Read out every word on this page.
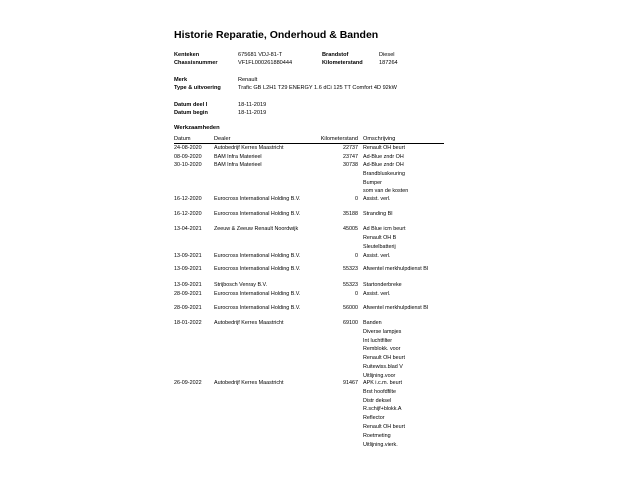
Historie Reparatie, Onderhoud & Banden
Kenteken	675681 VDJ-81-T	Brandstof	Diesel
Chassisnummer	VF1FL000261880444	Kilometerstand	187264
Merk	Renault
Type & uitvoering	Trafic GB L2H1 T29 ENERGY 1.6 dCi 125 TT Comfort 4D 92kW
Datum deel I	18-11-2019
Datum begin	18-11-2019
Werkzaamheden
Datum	Dealer	Kilometerstand Omschrijving
24-08-2020 Autobedrijf Kerres Maastricht	22737 Renault OH beurt
08-09-2020 BAM Infra Materieel	23747 Ad-Blue zndr OH
30-10-2020 BAM Infra Materieel	30738 Ad-Blue zndr OH
Brandbluskeuring
Bumper
som van de kosten
16-12-2020 Eurocross International Holding B.V.	0 Assist. verl.
16-12-2020 Eurocross International Holding B.V.	35188 Stranding BI
13-04-2021 Zeeuw & Zeeuw Renault Noordwijk	45005 Ad Blue icm beurt
Renault OH B
Sleutelbatterij
13-09-2021 Eurocross International Holding B.V.	0 Assist. verl.
13-09-2021 Eurocross International Holding B.V.	55323 Afwentel merkhulpdienst BI
13-09-2021 Strijbosch Venray B.V.	55323 Startonderbreke
28-09-2021 Eurocross International Holding B.V.	0 Assist. verl.
28-09-2021 Eurocross International Holding B.V.	56000 Afwentel merkhulpdienst BI
18-01-2022 Autobedrijf Kerres Maastricht	69100 Banden
Diverse lampjes
Int luchtfilter
Remblokk. voor
Renault OH beurt
Ruitewiss.blad V
Uitlijning.voor
26-09-2022 Autobedrijf Kerres Maastricht	91467 APK i.c.m. beurt
Brst hoofdfilte
Distr deksel
R.schijf+blokk.A
Reflector
Renault OH beurt
Roetmeting
Uitlijning.vierk.
